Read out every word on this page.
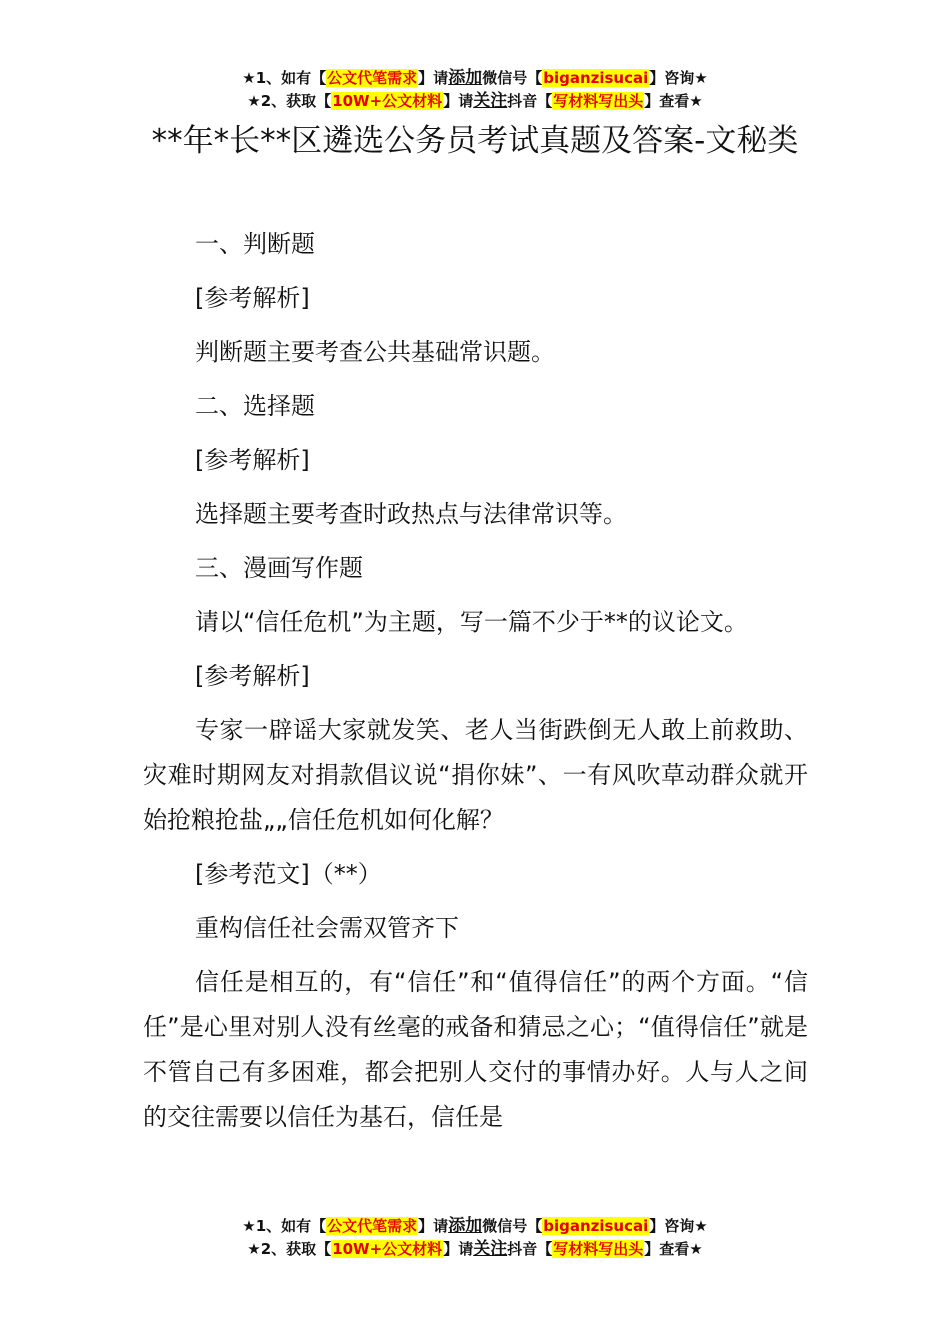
★1、如有【公文代笔需求】请添加微信号【biganzisucai】咨询★
★2、获取【10W+公文材料】请关注抖音【写材料写出头】查看★
**年*长**区遴选公务员考试真题及答案-文秘类

一、判断题

[参考解析]

判断题主要考查公共基础常识题。

二、选择题

[参考解析]

选择题主要考查时政热点与法律常识等。

三、漫画写作题

请以“信任危机”为主题，写一篇不少于**的议论文。

[参考解析]

专家一辟谣大家就发笑、老人当街跌倒无人敢上前救助、灾难时期网友对捐款倡议说“捐你妹”、一有风吹草动群众就开始抢粮抢盐„„信任危机如何化解？

[参考范文]（**）

重构信任社会需双管齐下

信任是相互的，有“信任”和“值得信任”的两个方面。“信任”是心里对别人没有丝毫的戒备和猜忌之心；“值得信任”就是不管自己有多困难，都会把别人交付的事情办好。人与人之间的交往需要以信任为基石，信任是

★1、如有【公文代笔需求】请添加微信号【biganzisucai】咨询★
★2、获取【10W+公文材料】请关注抖音【写材料写出头】查看★
